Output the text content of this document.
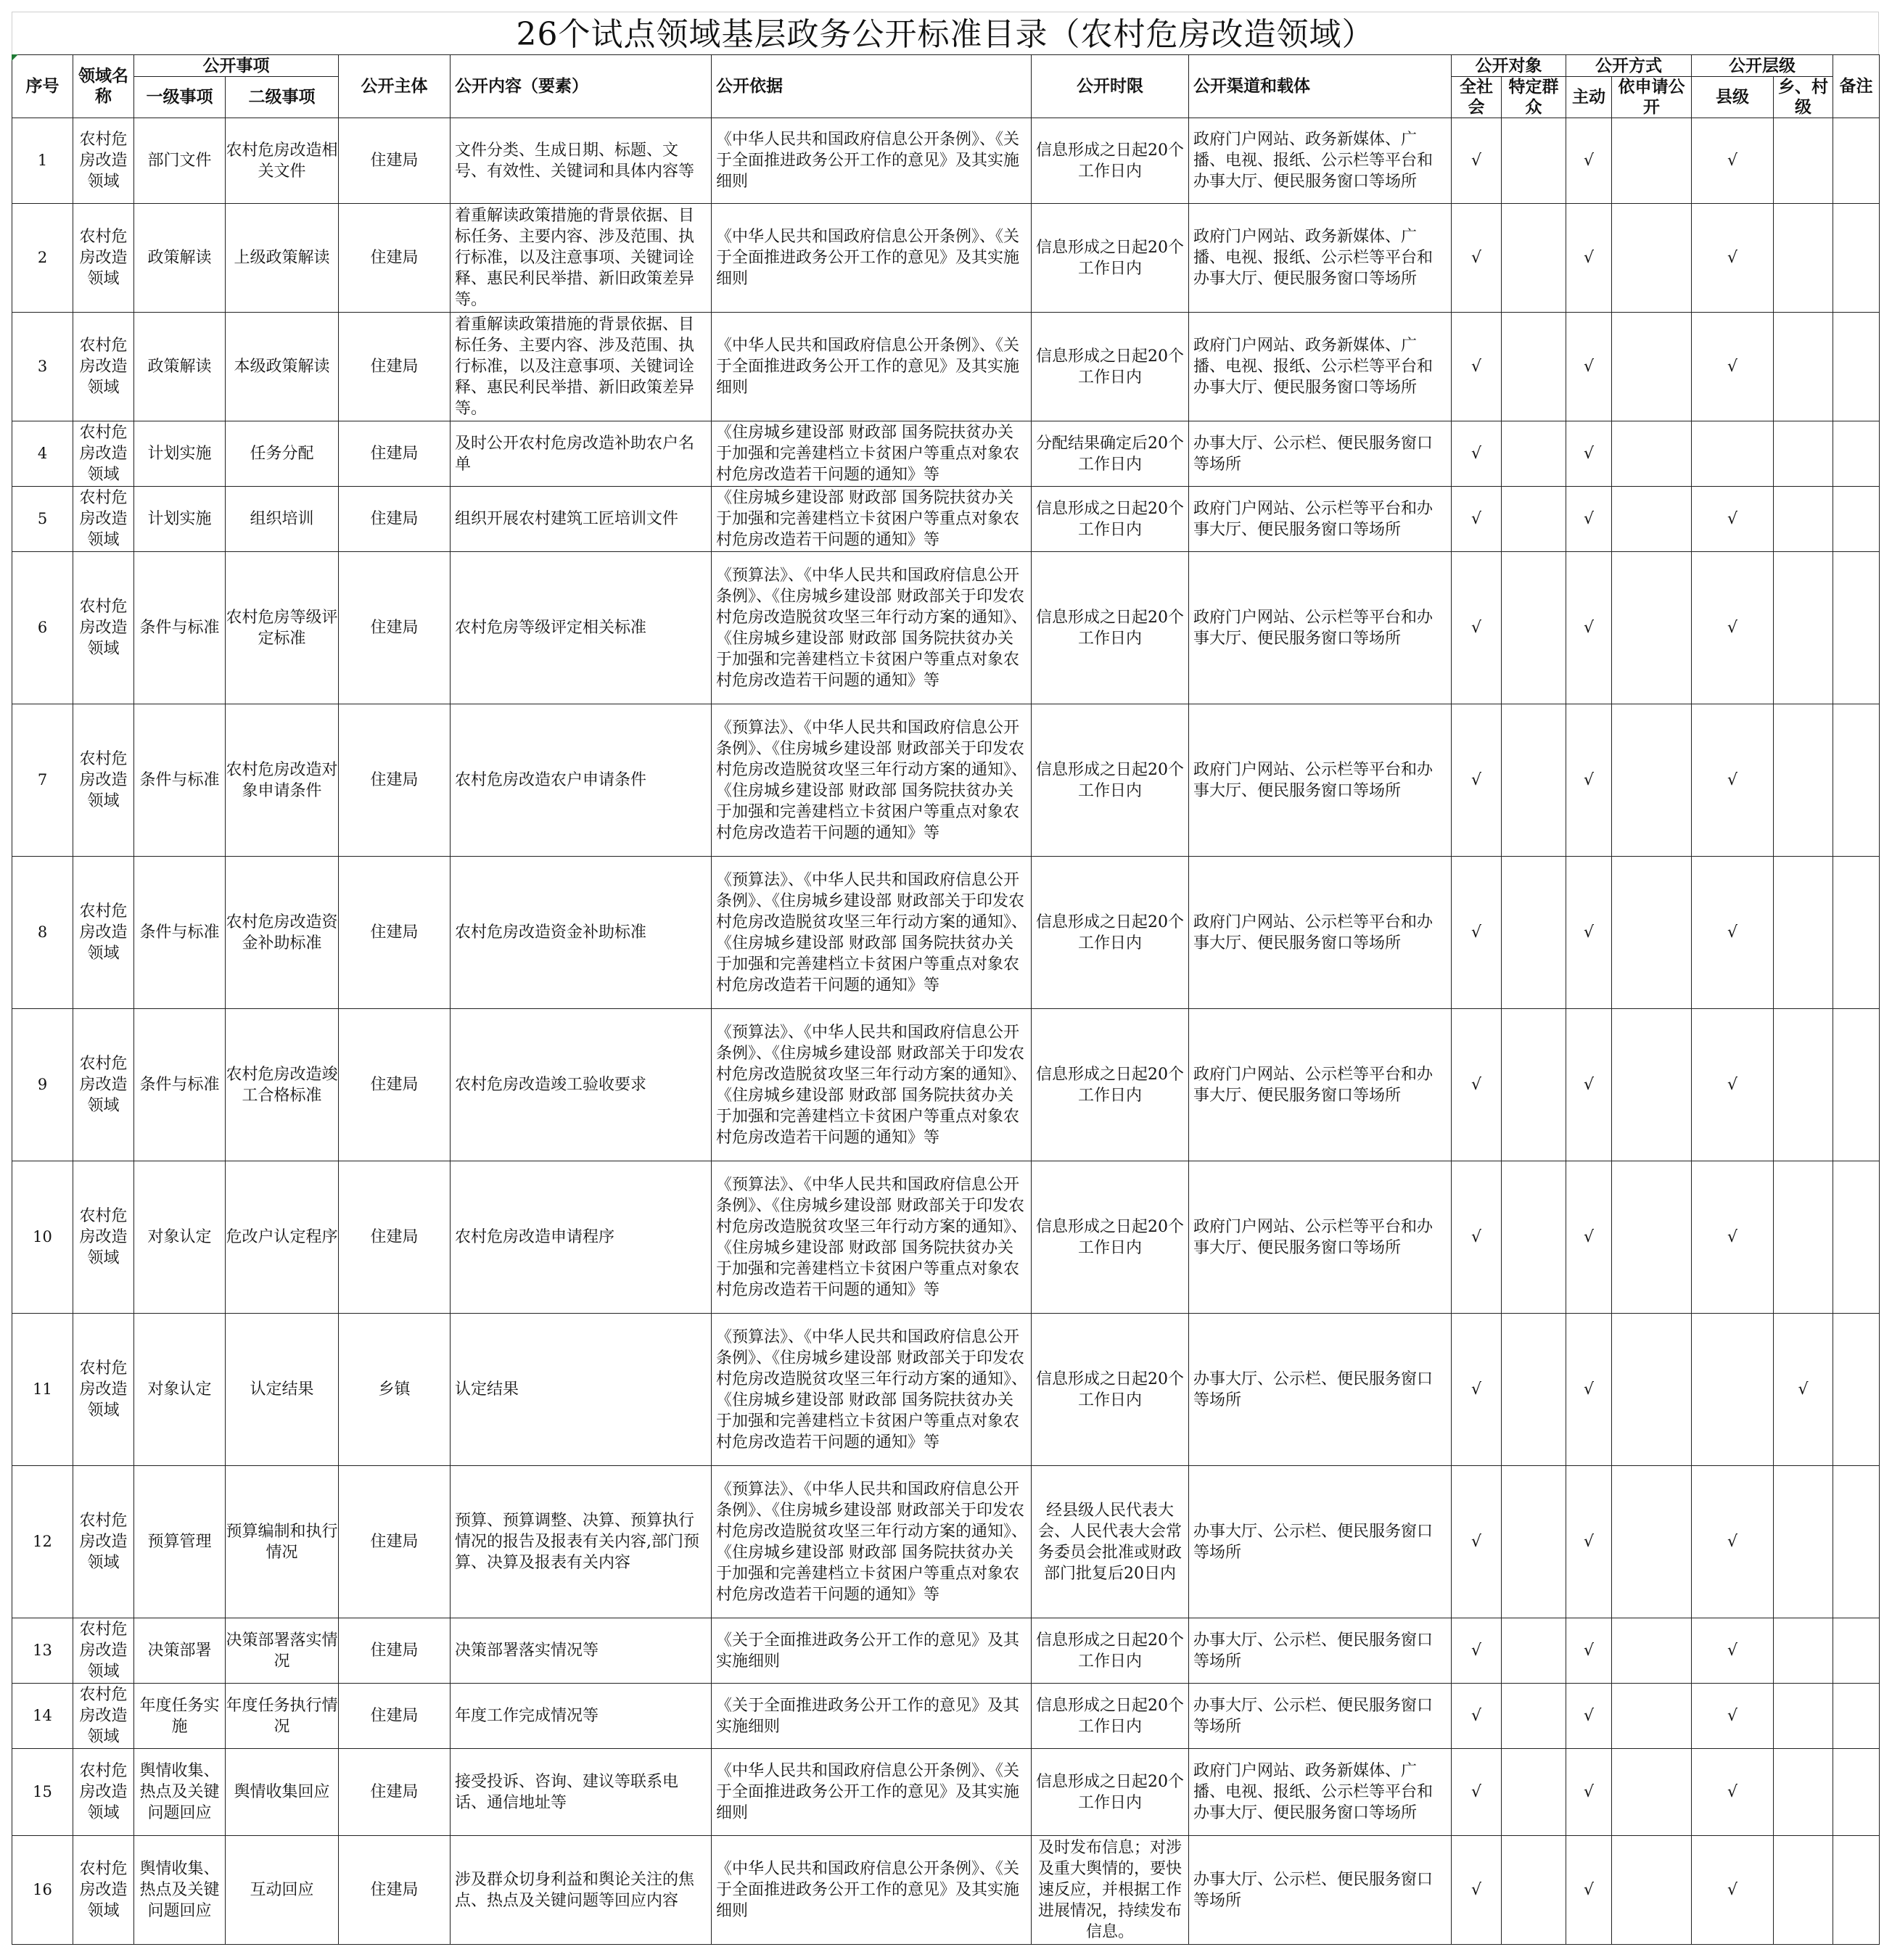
26个试点领域基层政务公开标准目录（农村危房改造领域）
序号	领域名称	公开事项		公开主体	公开内容（要素）	公开依据	公开时限	公开渠道和载体	公开对象		公开方式		公开层级		备注
		一级事项	二级事项						全社会	特定群众	主动	依申请公开	县级	乡、村级	

1	农村危房改造领域	部门文件	农村危房改造相关文件	住建局	文件分类、生成日期、标题、文号、有效性、关键词和具体内容等	《中华人民共和国政府信息公开条例》、《关于全面推进政务公开工作的意见》及其实施细则	信息形成之日起20个工作日内	政府门户网站、政务新媒体、广播、电视、报纸、公示栏等平台和办事大厅、便民服务窗口等场所	√		√		√		

2	农村危房改造领域	政策解读	上级政策解读	住建局	着重解读政策措施的背景依据、目标任务、主要内容、涉及范围、执行标准，以及注意事项、关键词诠释、惠民利民举措、新旧政策差异等。	《中华人民共和国政府信息公开条例》、《关于全面推进政务公开工作的意见》及其实施细则	信息形成之日起20个工作日内	政府门户网站、政务新媒体、广播、电视、报纸、公示栏等平台和办事大厅、便民服务窗口等场所	√		√		√		

3	农村危房改造领域	政策解读	本级政策解读	住建局	着重解读政策措施的背景依据、目标任务、主要内容、涉及范围、执行标准，以及注意事项、关键词诠释、惠民利民举措、新旧政策差异等。	《中华人民共和国政府信息公开条例》、《关于全面推进政务公开工作的意见》及其实施细则	信息形成之日起20个工作日内	政府门户网站、政务新媒体、广播、电视、报纸、公示栏等平台和办事大厅、便民服务窗口等场所	√		√		√		

4	农村危房改造领域	计划实施	任务分配	住建局	及时公开农村危房改造补助农户名单	《住房城乡建设部 财政部 国务院扶贫办关于加强和完善建档立卡贫困户等重点对象农村危房改造若干问题的通知》等	分配结果确定后20个工作日内	办事大厅、公示栏、便民服务窗口等场所	√		√				

5	农村危房改造领域	计划实施	组织培训	住建局	组织开展农村建筑工匠培训文件	《住房城乡建设部 财政部 国务院扶贫办关于加强和完善建档立卡贫困户等重点对象农村危房改造若干问题的通知》等	信息形成之日起20个工作日内	政府门户网站、公示栏等平台和办事大厅、便民服务窗口等场所	√		√		√		

6	农村危房改造领域	条件与标准	农村危房等级评定标准	住建局	农村危房等级评定相关标准	《预算法》、《中华人民共和国政府信息公开条例》、《住房城乡建设部 财政部关于印发农村危房改造脱贫攻坚三年行动方案的通知》、《住房城乡建设部 财政部 国务院扶贫办关于加强和完善建档立卡贫困户等重点对象农村危房改造若干问题的通知》等	信息形成之日起20个工作日内	政府门户网站、公示栏等平台和办事大厅、便民服务窗口等场所	√		√		√		

7	农村危房改造领域	条件与标准	农村危房改造对象申请条件	住建局	农村危房改造农户申请条件	《预算法》、《中华人民共和国政府信息公开条例》、《住房城乡建设部 财政部关于印发农村危房改造脱贫攻坚三年行动方案的通知》、《住房城乡建设部 财政部 国务院扶贫办关于加强和完善建档立卡贫困户等重点对象农村危房改造若干问题的通知》等	信息形成之日起20个工作日内	政府门户网站、公示栏等平台和办事大厅、便民服务窗口等场所	√		√		√		

8	农村危房改造领域	条件与标准	农村危房改造资金补助标准	住建局	农村危房改造资金补助标准	《预算法》、《中华人民共和国政府信息公开条例》、《住房城乡建设部 财政部关于印发农村危房改造脱贫攻坚三年行动方案的通知》、《住房城乡建设部 财政部 国务院扶贫办关于加强和完善建档立卡贫困户等重点对象农村危房改造若干问题的通知》等	信息形成之日起20个工作日内	政府门户网站、公示栏等平台和办事大厅、便民服务窗口等场所	√		√		√		

9	农村危房改造领域	条件与标准	农村危房改造竣工合格标准	住建局	农村危房改造竣工验收要求	《预算法》、《中华人民共和国政府信息公开条例》、《住房城乡建设部 财政部关于印发农村危房改造脱贫攻坚三年行动方案的通知》、《住房城乡建设部 财政部 国务院扶贫办关于加强和完善建档立卡贫困户等重点对象农村危房改造若干问题的通知》等	信息形成之日起20个工作日内	政府门户网站、公示栏等平台和办事大厅、便民服务窗口等场所	√		√		√		

10	农村危房改造领域	对象认定	危改户认定程序	住建局	农村危房改造申请程序	《预算法》、《中华人民共和国政府信息公开条例》、《住房城乡建设部 财政部关于印发农村危房改造脱贫攻坚三年行动方案的通知》、《住房城乡建设部 财政部 国务院扶贫办关于加强和完善建档立卡贫困户等重点对象农村危房改造若干问题的通知》等	信息形成之日起20个工作日内	政府门户网站、公示栏等平台和办事大厅、便民服务窗口等场所	√		√		√		

11	农村危房改造领域	对象认定	认定结果	乡镇	认定结果	《预算法》、《中华人民共和国政府信息公开条例》、《住房城乡建设部 财政部关于印发农村危房改造脱贫攻坚三年行动方案的通知》、《住房城乡建设部 财政部 国务院扶贫办关于加强和完善建档立卡贫困户等重点对象农村危房改造若干问题的通知》等	信息形成之日起20个工作日内	办事大厅、公示栏、便民服务窗口等场所	√		√			√	

12	农村危房改造领域	预算管理	预算编制和执行情况	住建局	预算、预算调整、决算、预算执行情况的报告及报表有关内容,部门预算、决算及报表有关内容	《预算法》、《中华人民共和国政府信息公开条例》、《住房城乡建设部 财政部关于印发农村危房改造脱贫攻坚三年行动方案的通知》、《住房城乡建设部 财政部 国务院扶贫办关于加强和完善建档立卡贫困户等重点对象农村危房改造若干问题的通知》等	经县级人民代表大会、人民代表大会常务委员会批准或财政部门批复后20日内	办事大厅、公示栏、便民服务窗口等场所	√		√		√		

13	农村危房改造领域	决策部署	决策部署落实情况	住建局	决策部署落实情况等	《关于全面推进政务公开工作的意见》及其实施细则	信息形成之日起20个工作日内	办事大厅、公示栏、便民服务窗口等场所	√		√		√		

14	农村危房改造领域	年度任务实施	年度任务执行情况	住建局	年度工作完成情况等	《关于全面推进政务公开工作的意见》及其实施细则	信息形成之日起20个工作日内	办事大厅、公示栏、便民服务窗口等场所	√		√		√		

15	农村危房改造领域	舆情收集、热点及关键问题回应	舆情收集回应	住建局	接受投诉、咨询、建议等联系电话、通信地址等	《中华人民共和国政府信息公开条例》、《关于全面推进政务公开工作的意见》及其实施细则	信息形成之日起20个工作日内	政府门户网站、政务新媒体、广播、电视、报纸、公示栏等平台和办事大厅、便民服务窗口等场所	√		√		√		

16	农村危房改造领域	舆情收集、热点及关键问题回应	互动回应	住建局	涉及群众切身利益和舆论关注的焦点、热点及关键问题等回应内容	《中华人民共和国政府信息公开条例》、《关于全面推进政务公开工作的意见》及其实施细则	及时发布信息；对涉及重大舆情的，要快速反应，并根据工作进展情况，持续发布信息。	办事大厅、公示栏、便民服务窗口等场所	√		√		√		
